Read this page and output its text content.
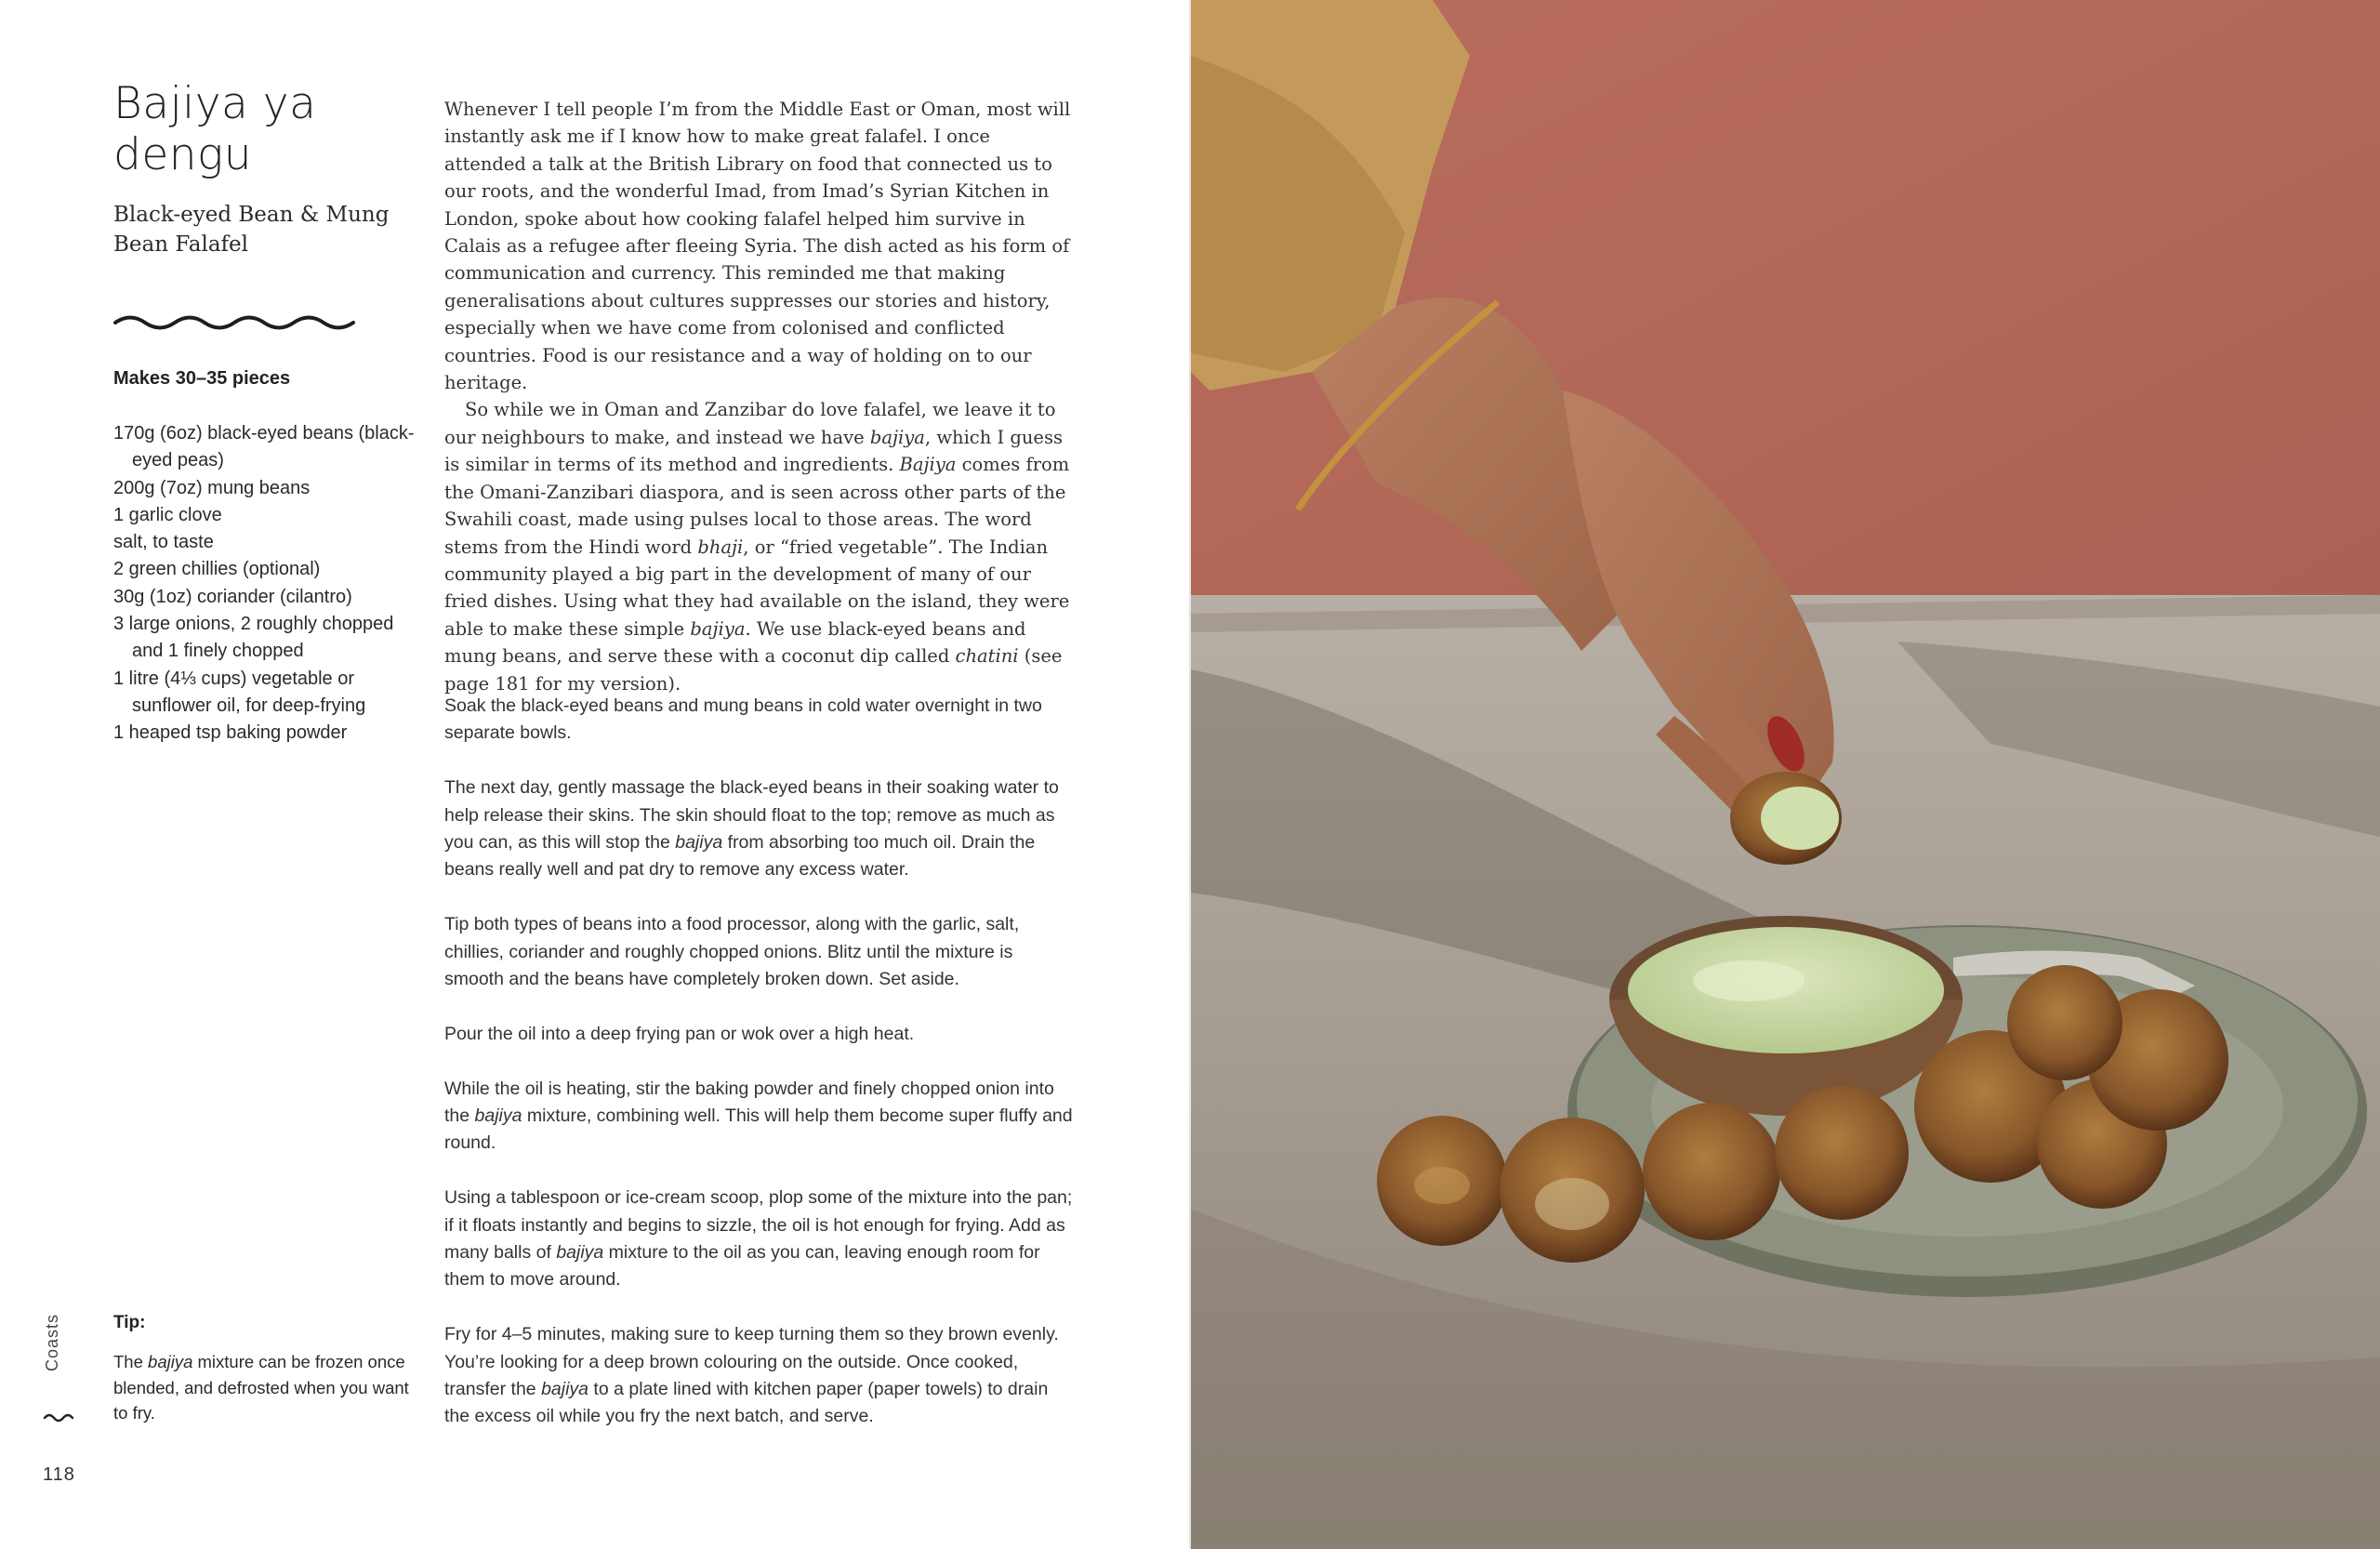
Bajiya ya dengu
Black-eyed Bean & Mung Bean Falafel
Makes 30–35 pieces
170g (6oz) black-eyed beans (black-eyed peas)
200g (7oz) mung beans
1 garlic clove
salt, to taste
2 green chillies (optional)
30g (1oz) coriander (cilantro)
3 large onions, 2 roughly chopped and 1 finely chopped
1 litre (4⅓ cups) vegetable or sunflower oil, for deep-frying
1 heaped tsp baking powder

Whenever I tell people I’m from the Middle East or Oman, most will instantly ask me if I know how to make great falafel. I once attended a talk at the British Library on food that connected us to our roots, and the wonderful Imad, from Imad’s Syrian Kitchen in London, spoke about how cooking falafel helped him survive in Calais as a refugee after fleeing Syria. The dish acted as his form of communication and currency. This reminded me that making generalisations about cultures suppresses our stories and history, especially when we have come from colonised and conflicted countries. Food is our resistance and a way of holding on to our heritage.

So while we in Oman and Zanzibar do love falafel, we leave it to our neighbours to make, and instead we have bajiya, which I guess is similar in terms of its method and ingredients. Bajiya comes from the Omani-Zanzibari diaspora, and is seen across other parts of the Swahili coast, made using pulses local to those areas. The word stems from the Hindi word bhaji, or “fried vegetable”. The Indian community played a big part in the development of many of our fried dishes. Using what they had available on the island, they were able to make these simple bajiya. We use black-eyed beans and mung beans, and serve these with a coconut dip called chatini (see page 181 for my version).

Soak the black-eyed beans and mung beans in cold water overnight in two separate bowls.

The next day, gently massage the black-eyed beans in their soaking water to help release their skins. The skin should float to the top; remove as much as you can, as this will stop the bajiya from absorbing too much oil. Drain the beans really well and pat dry to remove any excess water.

Tip both types of beans into a food processor, along with the garlic, salt, chillies, coriander and roughly chopped onions. Blitz until the mixture is smooth and the beans have completely broken down. Set aside.

Pour the oil into a deep frying pan or wok over a high heat.

While the oil is heating, stir the baking powder and finely chopped onion into the bajiya mixture, combining well. This will help them become super fluffy and round.

Using a tablespoon or ice-cream scoop, plop some of the mixture into the pan; if it floats instantly and begins to sizzle, the oil is hot enough for frying. Add as many balls of bajiya mixture to the oil as you can, leaving enough room for them to move around.

Fry for 4–5 minutes, making sure to keep turning them so they brown evenly. You’re looking for a deep brown colouring on the outside. Once cooked, transfer the bajiya to a plate lined with kitchen paper (paper towels) to drain the excess oil while you fry the next batch, and serve.

Tip:
The bajiya mixture can be frozen once blended, and defrosted when you want to fry.
Coasts
118
